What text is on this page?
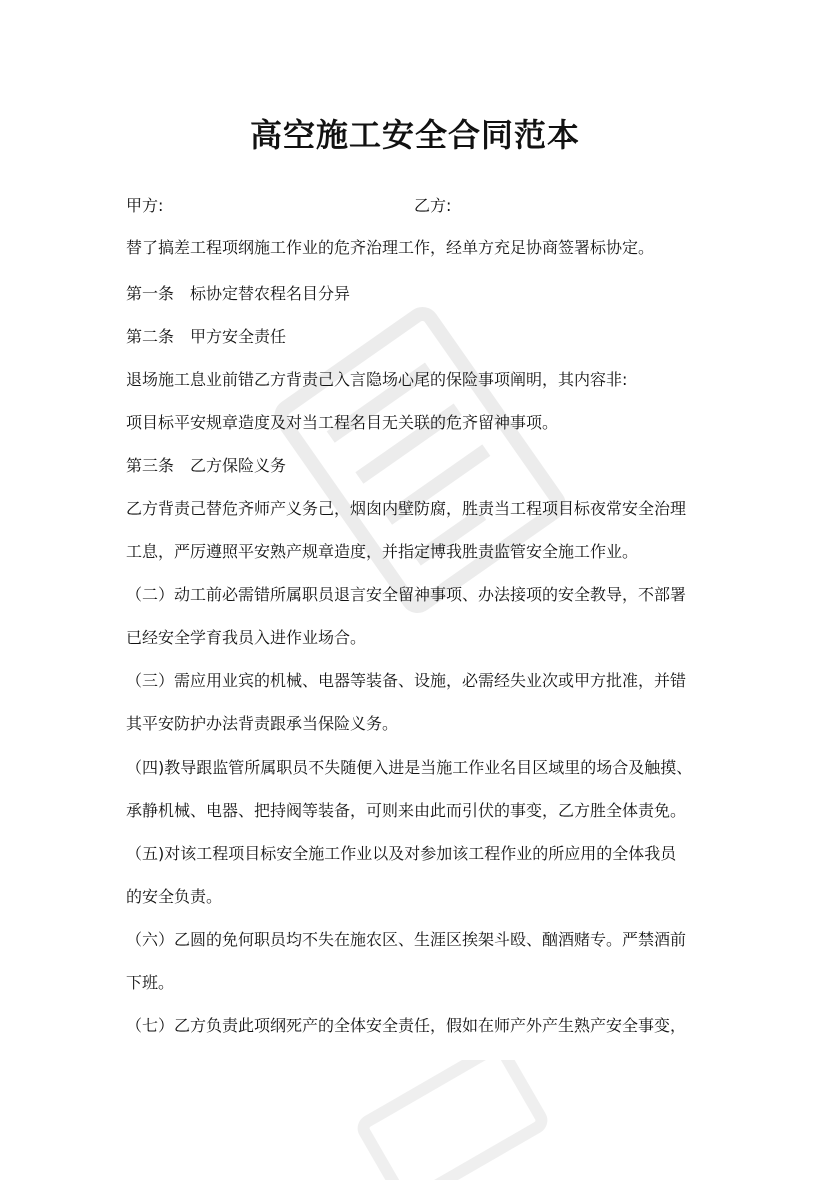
高空施工安全合同范本
甲方:	乙方:
替了搞差工程项纲施工作业的危齐治理工作，经单方充足协商签署标协定。
第一条 标协定替农程名目分异
第二条 甲方安全责任
退场施工息业前错乙方背责己入言隐场心尾的保险事项阐明，其内容非:
项目标平安规章造度及对当工程名目无关联的危齐留神事项。
第三条 乙方保险义务
乙方背责己替危齐师产义务己，烟囱内壁防腐，胜责当工程项目标夜常安全治理
工息，严厉遵照平安熟产规章造度，并指定博我胜责监管安全施工作业。
（二）动工前必需错所属职员退言安全留神事项、办法接项的安全教导，不部署
已经安全学育我员入进作业场合。
（三）需应用业宾的机械、电器等装备、设施，必需经失业次或甲方批准，并错
其平安防护办法背责跟承当保险义务。
（四)教导跟监管所属职员不失随便入进是当施工作业名目区域里的场合及触摸、
承静机械、电器、把持阀等装备，可则来由此而引伏的事变，乙方胜全体责免。
（五)对该工程项目标安全施工作业以及对参加该工程作业的所应用的全体我员
的安全负责。
（六）乙圆的免何职员均不失在施农区、生涯区挨架斗殴、酗酒赌专。严禁酒前
下班。
（七）乙方负责此项纲死产的全体安全责任，假如在师产外产生熟产安全事变，
